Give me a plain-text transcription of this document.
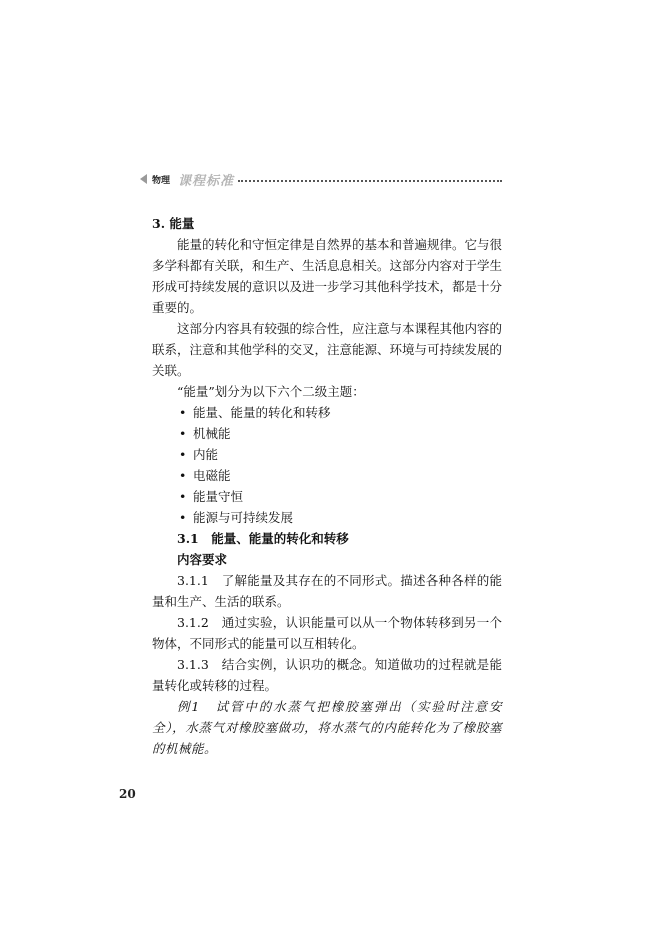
物理 课程标准

3. 能量

能量的转化和守恒定律是自然界的基本和普遍规律。它与很多学科都有关联，和生产、生活息息相关。这部分内容对于学生形成可持续发展的意识以及进一步学习其他科学技术，都是十分重要的。

这部分内容具有较强的综合性，应注意与本课程其他内容的联系，注意和其他学科的交叉，注意能源、环境与可持续发展的关联。

“能量”划分为以下六个二级主题：

• 能量、能量的转化和转移
• 机械能
• 内能
• 电磁能
• 能量守恒
• 能源与可持续发展

3.1　能量、能量的转化和转移

内容要求

3.1.1　了解能量及其存在的不同形式。描述各种各样的能量和生产、生活的联系。

3.1.2　通过实验，认识能量可以从一个物体转移到另一个物体，不同形式的能量可以互相转化。

3.1.3　结合实例，认识功的概念。知道做功的过程就是能量转化或转移的过程。

例1　试管中的水蒸气把橡胶塞弹出（实验时注意安全），水蒸气对橡胶塞做功，将水蒸气的内能转化为了橡胶塞的机械能。

20
